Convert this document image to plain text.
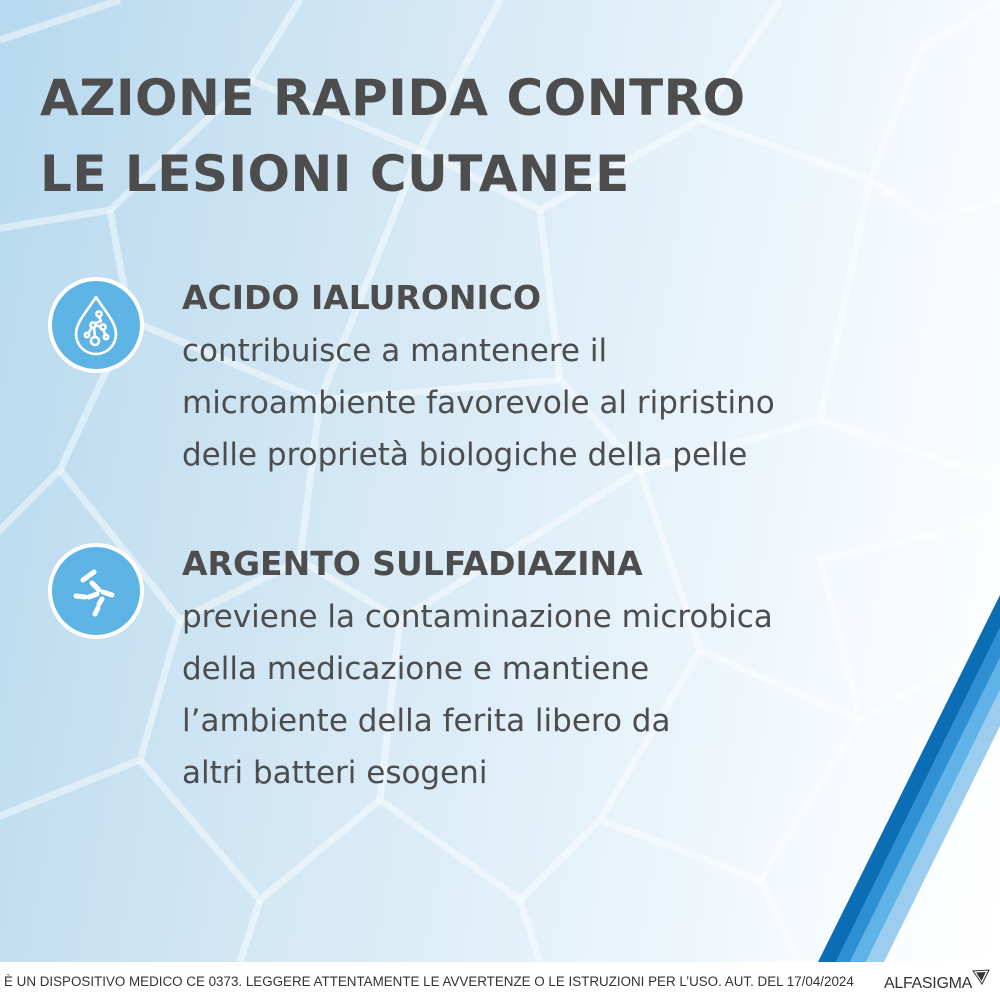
AZIONE RAPIDA CONTRO
LE LESIONI CUTANEE
ACIDO IALURONICO

contribuisce a mantenere il
microambiente favorevole al ripristino
delle proprietà biologiche della pelle

ARGENTO SULFADIAZINA

previene la contaminazione microbica
della medicazione e mantiene
l’ambiente della ferita libero da
altri batteri esogeni

È UN DISPOSITIVO MEDICO CE 0373. LEGGERE ATTENTAMENTE LE AVVERTENZE O LE ISTRUZIONI PER L’USO. AUT. DEL 17/04/2024 ALFASIGMA
